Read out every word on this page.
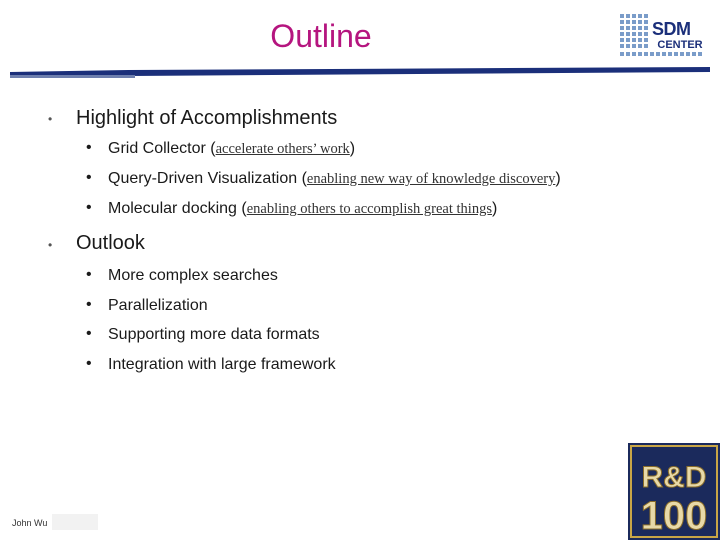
Outline	SDM
CENTER
• Highlight of Accomplishments
• Grid Collector (accelerate others’ work)
• Query-Driven Visualization (enabling new way of knowledge discovery)
• Molecular docking (enabling others to accomplish great things)
• Outlook
• More complex searches
• Parallelization
• Supporting more data formats
• Integration with large framework
John Wu
R&D
100
